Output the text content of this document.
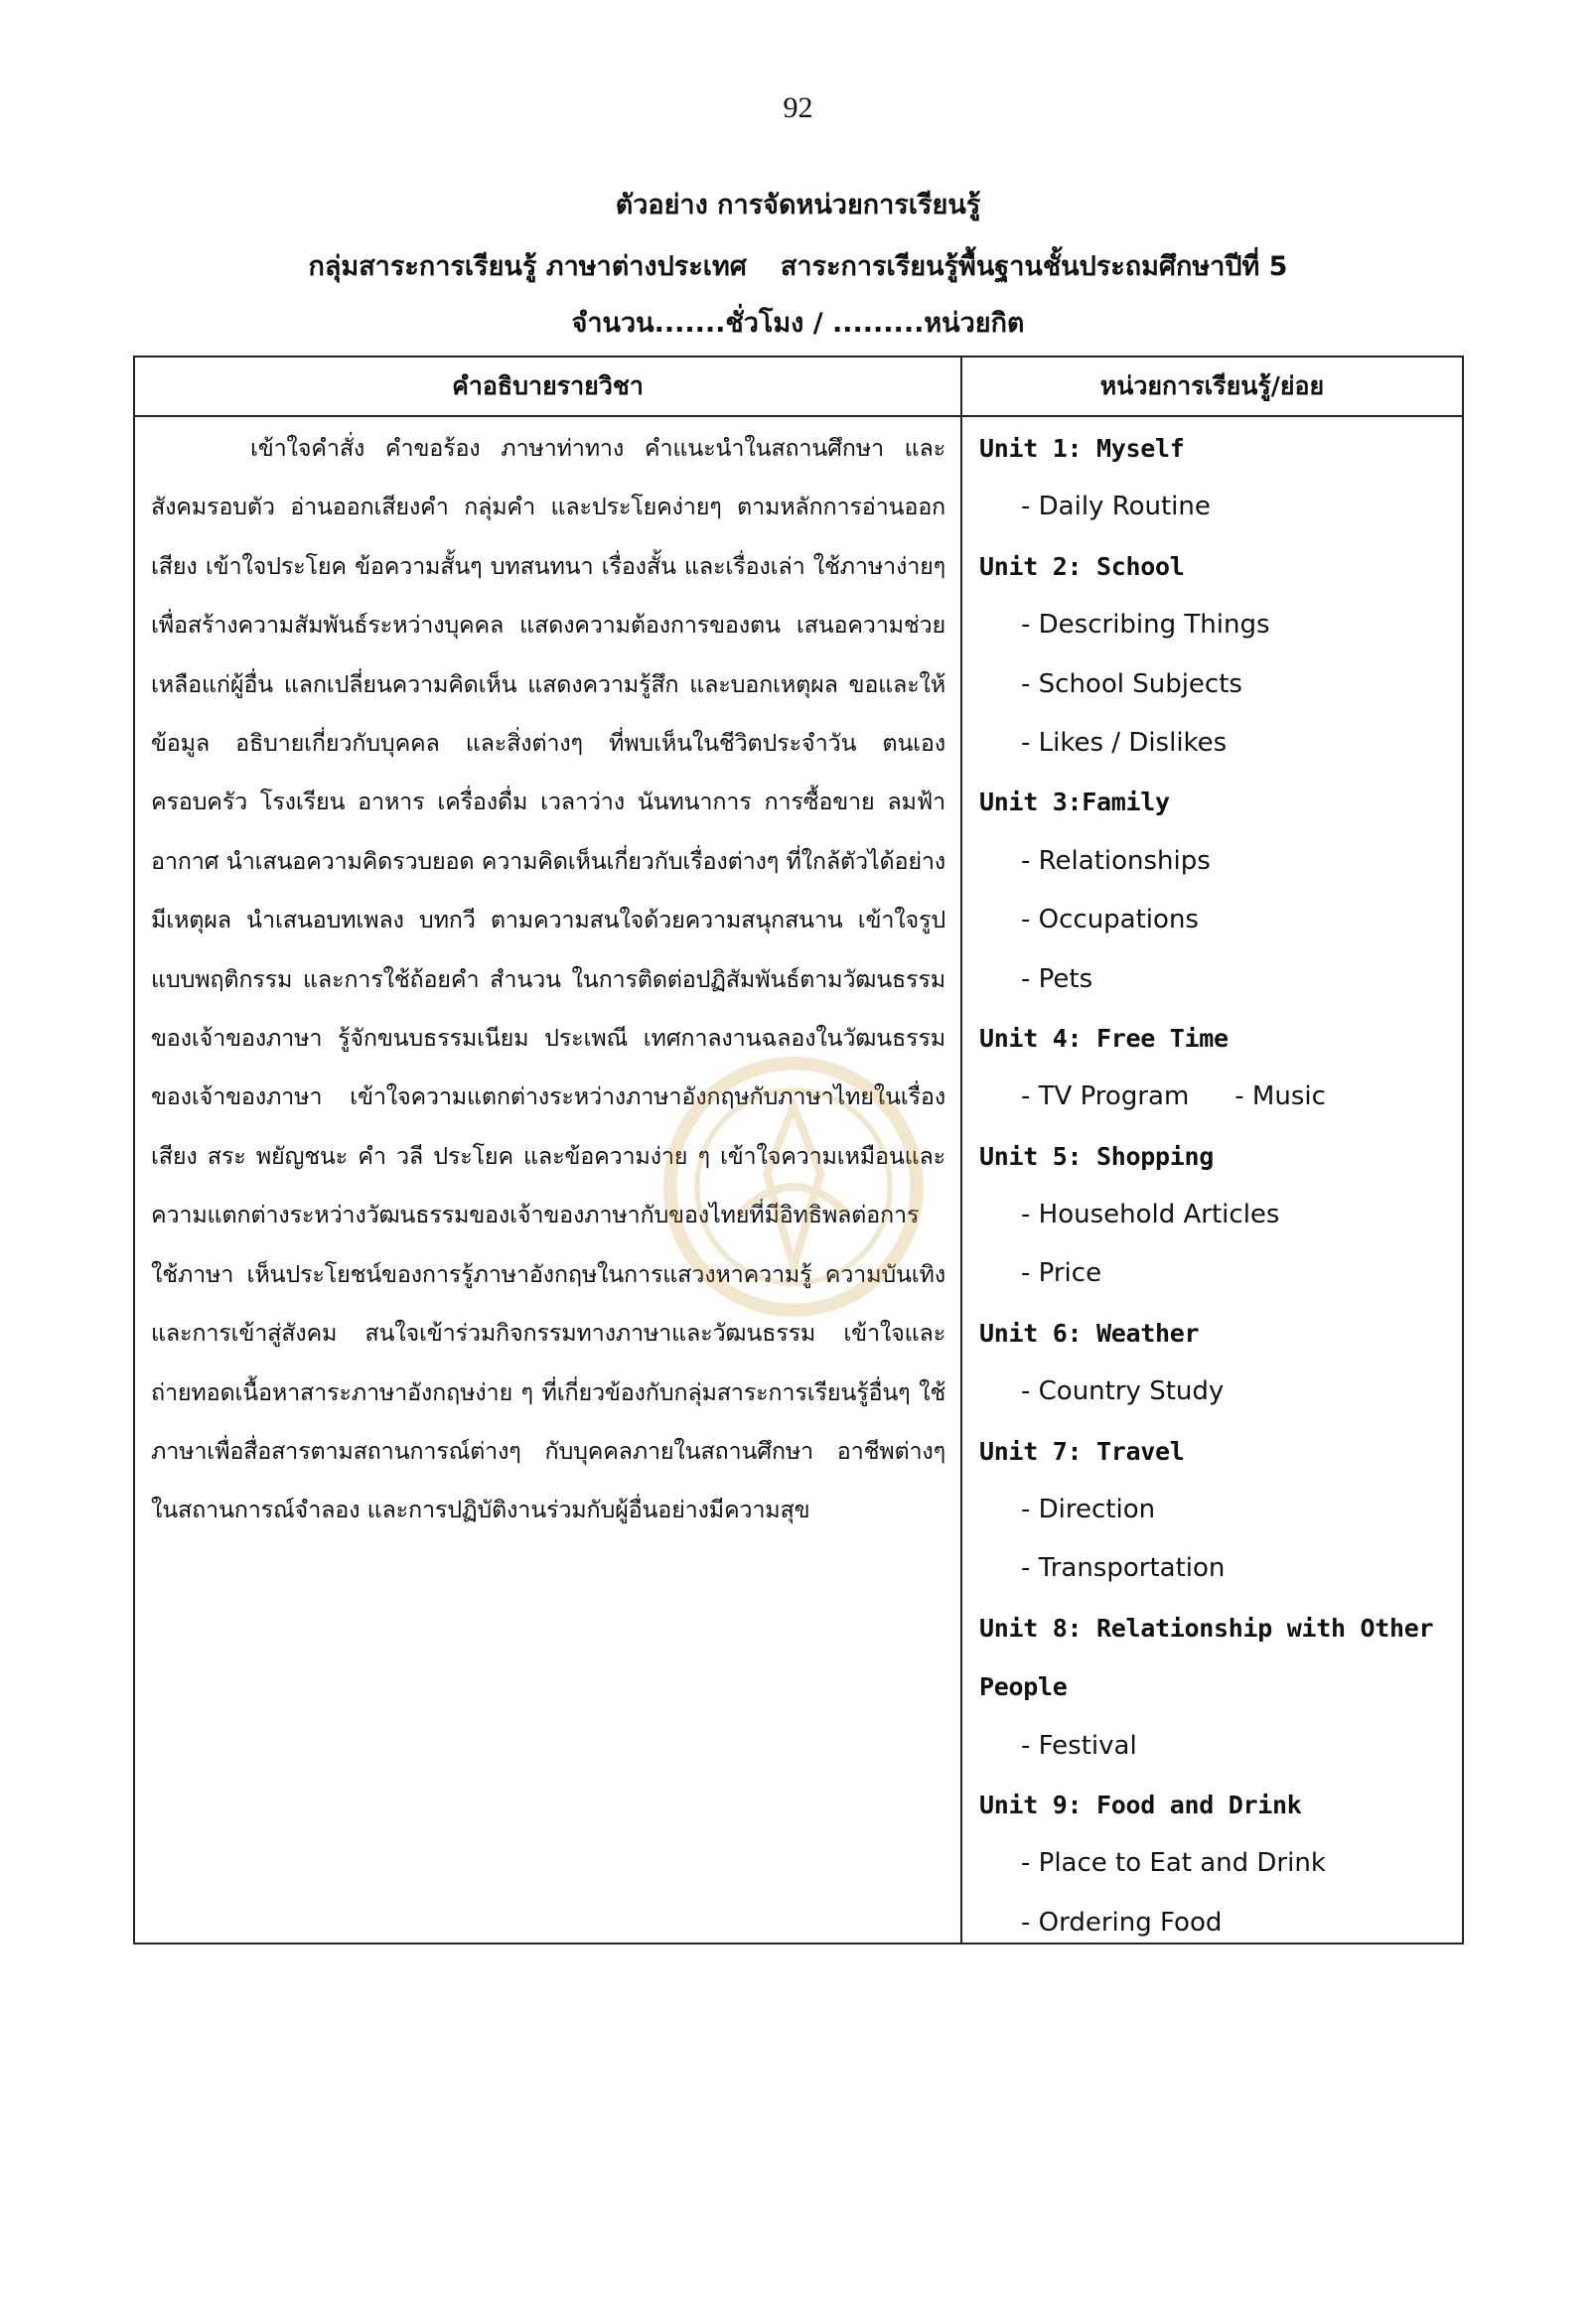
92
ตัวอย่าง การจัดหน่วยการเรียนรู้
กลุ่มสาระการเรียนรู้ ภาษาต่างประเทศ สาระการเรียนรู้พื้นฐานชั้นประถมศึกษาปีที่ 5
จำนวน.......ชั่วโมง / .........หน่วยกิต
คำอธิบายรายวิชา	หน่วยการเรียนรู้/ย่อย
เข้าใจคำสั่ง คำขอร้อง ภาษาท่าทาง คำแนะนำในสถานศึกษา และสังคมรอบตัว อ่านออกเสียงคำ กลุ่มคำ และประโยคง่ายๆ ตามหลักการอ่านออกเสียง เข้าใจประโยค ข้อความสั้นๆ บทสนทนา เรื่องสั้น และเรื่องเล่า ใช้ภาษาง่ายๆ เพื่อสร้างความสัมพันธ์ระหว่างบุคคล แสดงความต้องการของตน เสนอความช่วยเหลือแก่ผู้อื่น แลกเปลี่ยนความคิดเห็น แสดงความรู้สึก และบอกเหตุผล ขอและให้ข้อมูล อธิบายเกี่ยวกับบุคคล และสิ่งต่างๆ ที่พบเห็นในชีวิตประจำวัน ตนเอง ครอบครัว โรงเรียน อาหาร เครื่องดื่ม เวลาว่าง นันทนาการ การซื้อขาย ลมฟ้าอากาศ นำเสนอความคิดรวบยอด ความคิดเห็นเกี่ยวกับเรื่องต่างๆ ที่ใกล้ตัวได้อย่างมีเหตุผล นำเสนอบทเพลง บทกวี ตามความสนใจด้วยความสนุกสนาน เข้าใจรูปแบบพฤติกรรม และการใช้ถ้อยคำ สำนวน ในการติดต่อปฏิสัมพันธ์ตามวัฒนธรรมของเจ้าของภาษา รู้จักขนบธรรมเนียม ประเพณี เทศกาลงานฉลองในวัฒนธรรมของเจ้าของภาษา เข้าใจความแตกต่างระหว่างภาษาอังกฤษกับภาษาไทยในเรื่องเสียง สระ พยัญชนะ คำ วลี ประโยค และข้อความง่าย ๆ เข้าใจความเหมือนและความแตกต่างระหว่างวัฒนธรรมของเจ้าของภาษากับของไทยที่มีอิทธิพลต่อการใช้ภาษา เห็นประโยชน์ของการรู้ภาษาอังกฤษในการแสวงหาความรู้ ความบันเทิงและการเข้าสู่สังคม สนใจเข้าร่วมกิจกรรมทางภาษาและวัฒนธรรม เข้าใจและถ่ายทอดเนื้อหาสาระภาษาอังกฤษง่าย ๆ ที่เกี่ยวข้องกับกลุ่มสาระการเรียนรู้อื่นๆ ใช้ภาษาเพื่อสื่อสารตามสถานการณ์ต่างๆ กับบุคคลภายในสถานศึกษา อาชีพต่างๆ ในสถานการณ์จำลอง และการปฏิบัติงานร่วมกับผู้อื่นอย่างมีความสุข
Unit 1: Myself
- Daily Routine
Unit 2: School
- Describing Things
- School Subjects
- Likes / Dislikes
Unit 3:Family
- Relationships
- Occupations
- Pets
Unit 4: Free Time
- TV Program - Music
Unit 5: Shopping
- Household Articles
- Price
Unit 6: Weather
- Country Study
Unit 7: Travel
- Direction
- Transportation
Unit 8: Relationship with Other
People
- Festival
Unit 9: Food and Drink
- Place to Eat and Drink
- Ordering Food
